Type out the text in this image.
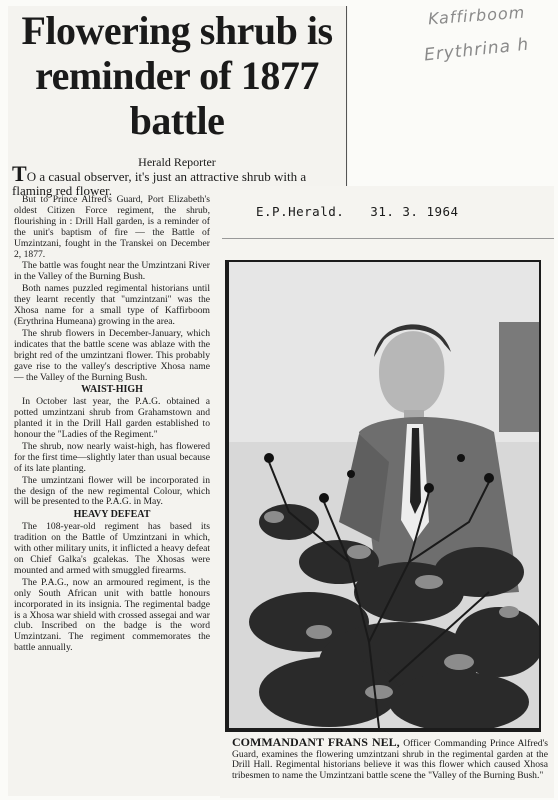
Kaffirboom
Erythrina h
Flowering shrub is reminder of 1877 battle
Herald Reporter
TO a casual observer, it's just an attractive shrub with a flaming red flower.

But to Prince Alfred's Guard, Port Elizabeth's oldest Citizen Force regiment, the shrub, flourishing in : Drill Hall garden, is a reminder of the unit's baptism of fire — the Battle of Umzintzani, fought in the Transkei on December 2, 1877.

The battle was fought near the Umzintzani River in the Valley of the Burning Bush.

Both names puzzled regimental historians until they learnt recently that "umzintzani" was the Xhosa name for a small type of Kaffirboom (Erythrina Humeana) growing in the area.

The shrub flowers in December-January, which indicates that the battle scene was ablaze with the bright red of the umzintzani flower. This probably gave rise to the valley's descriptive Xhosa name — the Valley of the Burning Bush.

WAIST-HIGH

In October last year, the P.A.G. obtained a potted umzintzani shrub from Grahamstown and planted it in the Drill Hall garden established to honour the "Ladies of the Regiment."

The shrub, now nearly waist-high, has flowered for the first time—slightly later than usual because of its late planting.

The umzintzani flower will be incorporated in the design of the new regimental Colour, which will be presented to the P.A.G. in May.

HEAVY DEFEAT

The 108-year-old regiment has based its tradition on the Battle of Umzintzani in which, with other military units, it inflicted a heavy defeat on Chief Galka's gcalekas. The Xhosas were mounted and armed with smuggled firearms.

The P.A.G., now an armoured regiment, is the only South African unit with battle honours incorporated in its insignia. The regimental badge is a Xhosa war shield with crossed assegai and war club. Inscribed on the badge is the word Umzintzani. The regiment commemorates the battle annually.

E.P.Herald. 31. 3. 1964
COMMANDANT FRANS NEL, Officer Commanding Prince Alfred's Guard, examines the flowering umzintzani shrub in the regimental garden at the Drill Hall. Regimental historians believe it was this flower which caused Xhosa tribesmen to name the Umzintzani battle scene the "Valley of the Burning Bush."
